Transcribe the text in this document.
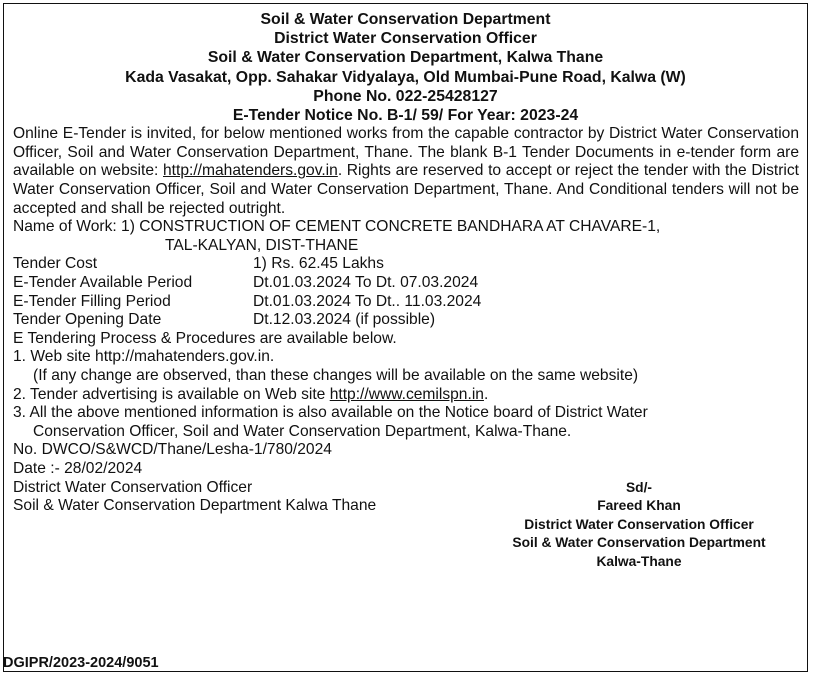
Soil & Water Conservation Department
District Water Conservation Officer
Soil & Water Conservation Department, Kalwa Thane
Kada Vasakat, Opp. Sahakar Vidyalaya, Old Mumbai-Pune Road, Kalwa (W)
Phone No. 022-25428127
E-Tender Notice No. B-1/ 59/ For Year: 2023-24
Online E-Tender is invited, for below mentioned works from the capable contractor by District Water Conservation Officer, Soil and Water Conservation Department, Thane. The blank B-1 Tender Documents in e-tender form are available on website: http://mahatenders.gov.in. Rights are reserved to accept or reject the tender with the District Water Conservation Officer, Soil and Water Conservation Department, Thane. And Conditional tenders will not be accepted and shall be rejected outright.
Name of Work: 1) CONSTRUCTION OF CEMENT CONCRETE BANDHARA AT CHAVARE-1,
TAL-KALYAN, DIST-THANE
Tender Cost	1) Rs. 62.45 Lakhs
E-Tender Available Period	Dt.01.03.2024 To Dt. 07.03.2024
E-Tender Filling Period	Dt.01.03.2024 To Dt.. 11.03.2024
Tender Opening Date	Dt.12.03.2024 (if possible)
E Tendering Process & Procedures are available below.
1. Web site http://mahatenders.gov.in.
(If any change are observed, than these changes will be available on the same website)
2. Tender advertising is available on Web site http://www.cemilspn.in.
3. All the above mentioned information is also available on the Notice board of District Water
Conservation Officer, Soil and Water Conservation Department, Kalwa-Thane.
No. DWCO/S&WCD/Thane/Lesha-1/780/2024
Date :- 28/02/2024
District Water Conservation Officer
Soil & Water Conservation Department Kalwa Thane
Sd/-
Fareed Khan
District Water Conservation Officer
Soil & Water Conservation Department
Kalwa-Thane
DGIPR/2023-2024/9051
